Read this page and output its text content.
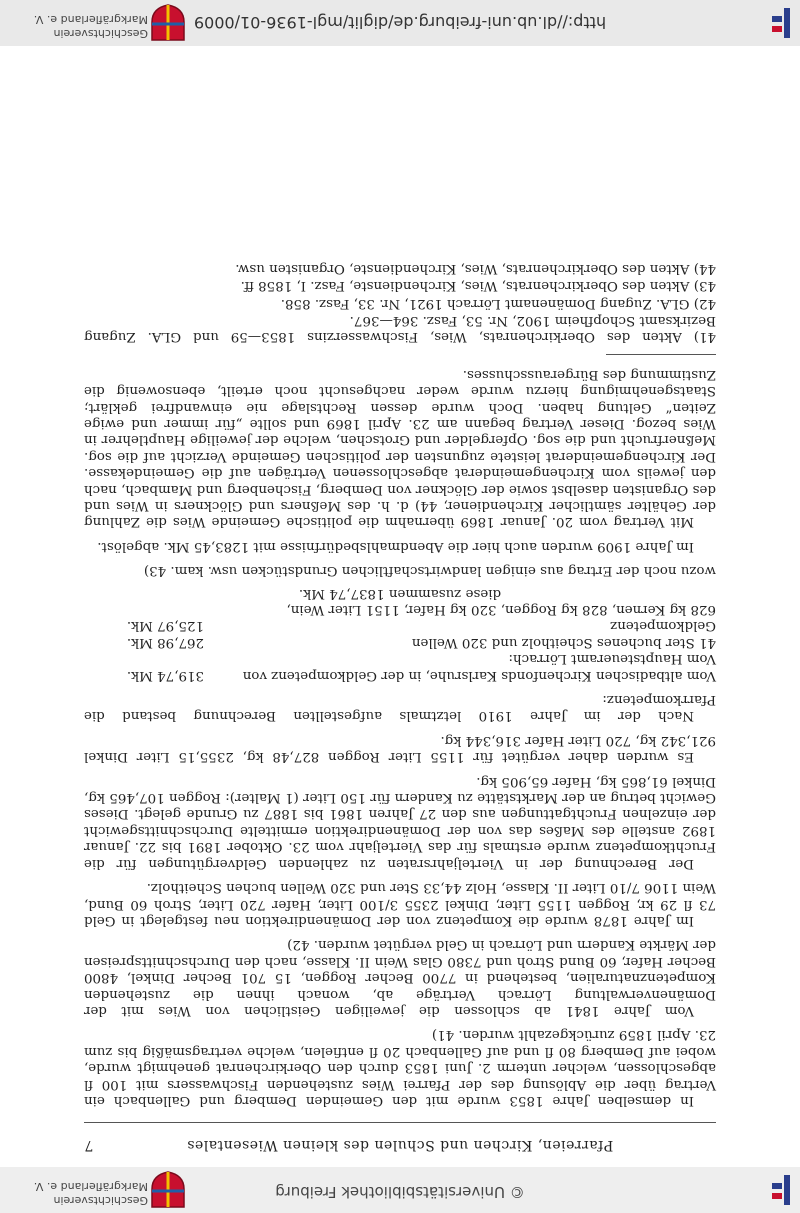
© Universitätsbibliothek Freiburg
Geschichtsverein Markgräflerland e. V.
Pfarreien, Kirchen und Schulen des kleinen Wiesentales
7

In demselben Jahre 1853 wurde mit den Gemeinden Demberg und Gallenbach ein Vertrag über die Ablösung des der Pfarrei Wies zustehenden Fischwassers mit 100 fl abgeschlossen, welcher unterm 2. Juni 1853 durch den Oberkirchenrat genehmigt wurde, wobei auf Demberg 80 fl und auf Gallenbach 20 fl entfielen, welche vertragsmäßig bis zum 23. April 1859 zurückgezahlt wurden. 41)

Vom Jahre 1841 ab schlossen die jeweiligen Geistlichen von Wies mit der Domänenverwaltung Lörrach Verträge ab, wonach ihnen die zustehenden Kompetenznaturalien, bestehend in 7700 Becher Roggen, 15 701 Becher Dinkel, 4800 Becher Hafer, 60 Bund Stroh und 7380 Glas Wein II. Klasse, nach den Durchschnittspreisen der Märkte Kandern und Lörrach in Geld vergütet wurden. 42)

Im Jahre 1878 wurde die Kompetenz von der Domänendirektion neu festgelegt in Geld 73 fl 29 kr, Roggen 1155 Liter, Dinkel 2355 3/100 Liter, Hafer 720 Liter, Stroh 60 Bund, Wein 1106 7/10 Liter II. Klasse, Holz 44,33 Ster und 320 Wellen buchen Scheitholz.

Der Berechnung der in Vierteljahrsraten zu zahlenden Geldvergütungen für die Fruchtkompetenz wurde erstmals für das Vierteljahr vom 23. Oktober 1891 bis 22. Januar 1892 anstelle des Maßes das von der Domänendirektion ermittelte Durchschnittsgewicht der einzelnen Fruchtgattungen aus den 27 Jahren 1861 bis 1887 zu Grunde gelegt. Dieses Gewicht betrug an der Marktstätte zu Kandern für 150 Liter (1 Malter): Roggen 107,465 kg, Dinkel 61,865 kg, Hafer 65,905 kg.

Es wurden daher vergütet für 1155 Liter Roggen 827,48 kg, 2355,15 Liter Dinkel 921,342 kg, 720 Liter Hafer 316,344 kg.

Nach der im Jahre 1910 letztmals aufgestellten Berechnung bestand die Pfarrkompetenz:

Vom altbadischen Kirchenfonds Karlsruhe, in der Geldkompetenz von
319,74 Mk.
Vom Hauptsteueramt Lörrach:
41 Ster buchenes Scheitholz und 320 Wellen
267,98 Mk.
Geldkompetenz
125,97 Mk.
628 kg Kernen, 828 kg Roggen, 320 kg Hafer, 1151 Liter Wein,
diese zusammen 1837,74 Mk.

wozu noch der Ertrag aus einigen landwirtschaftlichen Grundstücken usw. kam. 43)

Im Jahre 1909 wurden auch hier die Abendmahlsbedürfnisse mit 1283,45 Mk. abgelöst.

Mit Vertrag vom 20. Januar 1869 übernahm die politische Gemeinde Wies die Zahlung der Gehälter sämtlicher Kirchendiener, 44) d. h. des Meßners und Glöckners in Wies und des Organisten daselbst sowie der Glöckner von Demberg, Fischenberg und Mambach, nach den jeweils vom Kirchengemeinderat abgeschlossenen Verträgen auf die Gemeindekasse. Der Kirchengemeinderat leistete zugunsten der politischen Gemeinde Verzicht auf die sog. Meßnerfrucht und die sog. Opfergelder und Grotschen, welche der jeweilige Hauptlehrer in Wies bezog. Dieser Vertrag begann am 23. April 1869 und sollte „für immer und ewige Zeiten“ Geltung haben. Doch wurde dessen Rechtslage nie einwandfrei geklärt; Staatsgenehmigung hierzu wurde weder nachgesucht noch erteilt, ebensowenig die Zustimmung des Bürgerausschusses.

41) Akten des Oberkirchenrats, Wies, Fischwasserzins 1853—59 und GLA. Zugang Bezirksamt Schopfheim 1902, Nr. 53, Fasz. 364—367.

42) GLA. Zugang Domänenamt Lörrach 1921, Nr. 33, Fasz. 858.

43) Akten des Oberkirchenrats, Wies, Kirchendienste, Fasz. I, 1858 ff.

44) Akten des Oberkirchenrats, Wies, Kirchendienste, Organisten usw.

http://dl.ub.uni-freiburg.de/diglit/mgl-1936-01/0009
Geschichtsverein Markgräflerland e. V.
